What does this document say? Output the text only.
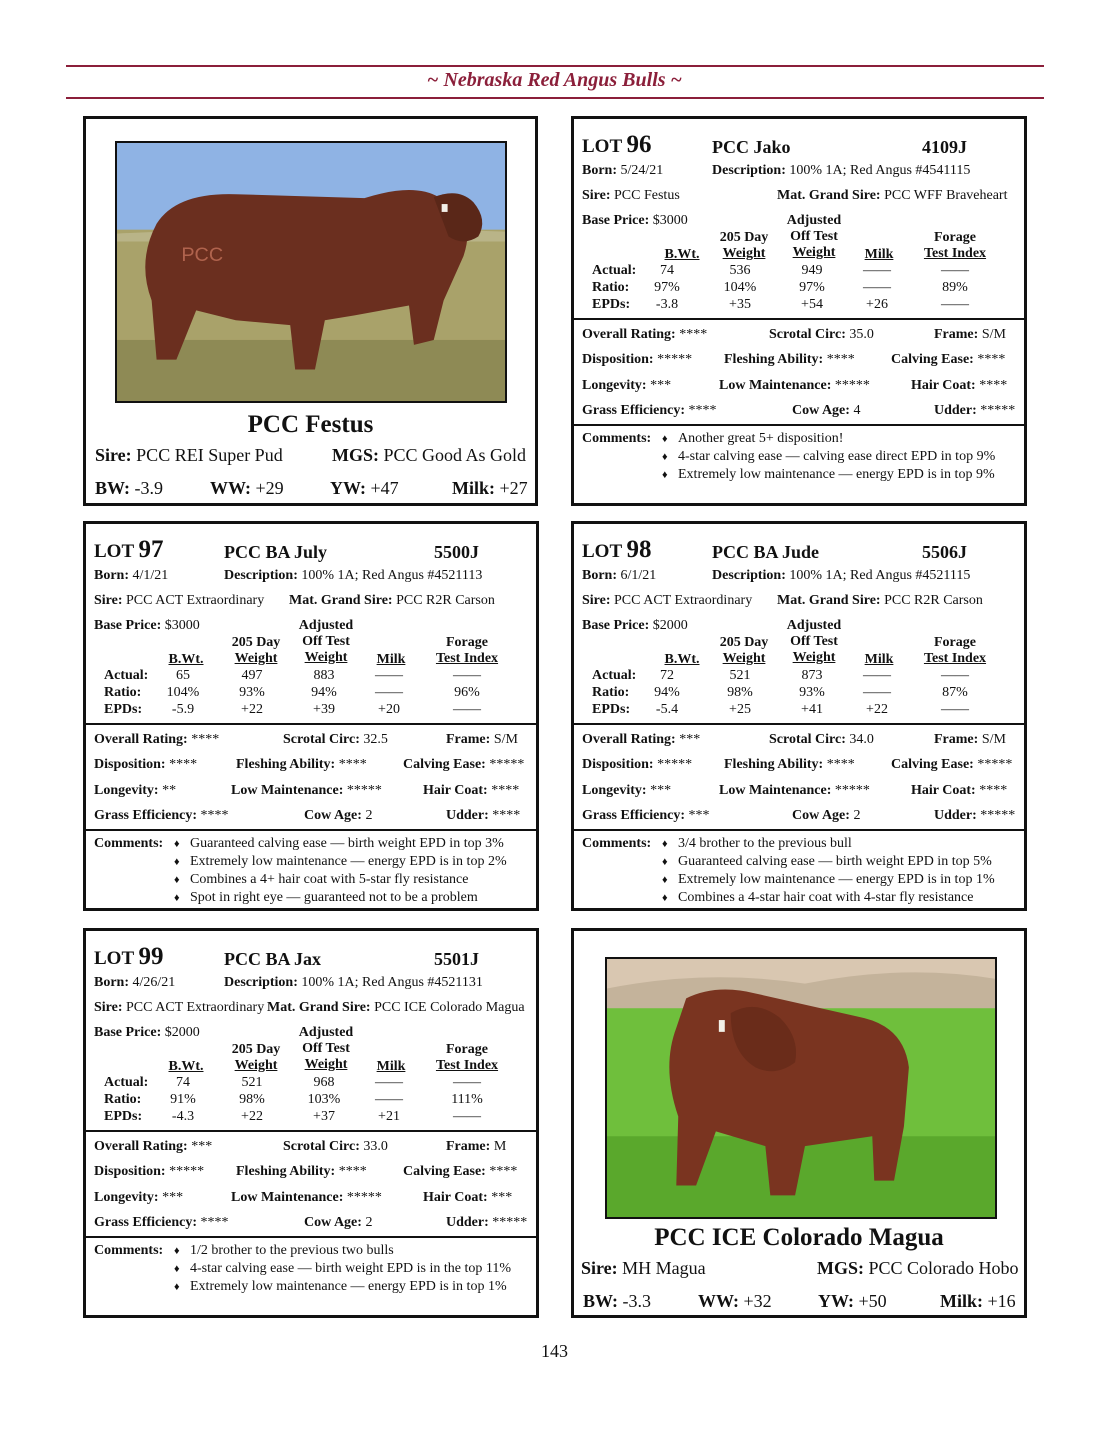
~ Nebraska Red Angus Bulls ~
PCC
PCC Festus
Sire: PCC REI Super Pud	MGS: PCC Good As Gold
BW: -3.9	WW: +29	YW: +47	Milk: +27
LOT 96	PCC Jako	4109J
Born: 5/24/21	Description: 100% 1A; Red Angus #4541115
Sire: PCC Festus	Mat. Grand Sire: PCC WFF Braveheart
Base Price: $3000
B.Wt.
205 Day
Weight
Adjusted
Off Test
Weight	Milk
Forage
Test Index
Actual:
Ratio:
EPDs:
74	536	949	——	——
97%	104%	97%	——	89%
-3.8	+35	+54	+26	——
Overall Rating: ****	Scrotal Circ: 35.0	Frame: S/M
Disposition: ***** Fleshing Ability: ****	Calving Ease: ****
Longevity: ***	Low Maintenance: *****	Hair Coat: ****
Grass Efficiency: ****	Cow Age: 4	Udder: *****
Comments: ♦ Another great 5+ disposition!
♦ 4-star calving ease — calving ease direct EPD in top 9%
♦ Extremely low maintenance — energy EPD is in top 9%
LOT 97	PCC BA July	5500J
Born: 4/1/21	Description: 100% 1A; Red Angus #4521113
Sire: PCC ACT Extraordinary Mat. Grand Sire: PCC R2R Carson
Base Price: $3000
B.Wt.
205 Day
Weight
Adjusted
Off Test
Weight	Milk
Forage
Test Index
Actual:
Ratio:
EPDs:
65	497	883	——	——
104%	93%	94%	——	96%
-5.9	+22	+39	+20	——
Overall Rating: ****	Scrotal Circ: 32.5	Frame: S/M
Disposition: ****	Fleshing Ability: ****	Calving Ease: *****
Longevity: **	Low Maintenance: *****	Hair Coat: ****
Grass Efficiency: ****	Cow Age: 2	Udder: ****
Comments: ♦ Guaranteed calving ease — birth weight EPD in top 3%
♦ Extremely low maintenance — energy EPD is in top 2%
♦ Combines a 4+ hair coat with 5-star fly resistance
♦ Spot in right eye — guaranteed not to be a problem
LOT 98	PCC BA Jude	5506J
Born: 6/1/21	Description: 100% 1A; Red Angus #4521115
Sire: PCC ACT Extraordinary Mat. Grand Sire: PCC R2R Carson
Base Price: $2000
B.Wt.
205 Day
Weight
Adjusted
Off Test
Weight	Milk
Forage
Test Index
Actual:
Ratio:
EPDs:
72	521	873	——	——
94%	98%	93%	——	87%
-5.4	+25	+41	+22	——
Overall Rating: ***	Scrotal Circ: 34.0	Frame: S/M
Disposition: ***** Fleshing Ability: ****	Calving Ease: *****
Longevity: ***	Low Maintenance: *****	Hair Coat: ****
Grass Efficiency: ***	Cow Age: 2	Udder: *****
Comments: ♦ 3/4 brother to the previous bull
♦ Guaranteed calving ease — birth weight EPD in top 5%
♦ Extremely low maintenance — energy EPD is in top 1%
♦ Combines a 4-star hair coat with 4-star fly resistance
LOT 99	PCC BA Jax	5501J
Born: 4/26/21	Description: 100% 1A; Red Angus #4521131
Sire: PCC ACT Extraordinary Mat. Grand Sire: PCC ICE Colorado Magua
Base Price: $2000
B.Wt.
205 Day
Weight
Adjusted
Off Test
Weight	Milk
Forage
Test Index
Actual:
Ratio:
EPDs:
74	521	968	——	——
91%	98%	103%	——	111%
-4.3	+22	+37	+21	——
Overall Rating: ***	Scrotal Circ: 33.0	Frame: M
Disposition: ***** Fleshing Ability: ****	Calving Ease: ****
Longevity: ***	Low Maintenance: *****	Hair Coat: ***
Grass Efficiency: ****	Cow Age: 2	Udder: *****
Comments: ♦ 1/2 brother to the previous two bulls
♦ 4-star calving ease — birth weight EPD is in the top 11%
♦ Extremely low maintenance — energy EPD is in top 1%
PCC ICE Colorado Magua
Sire: MH Magua	MGS: PCC Colorado Hobo
BW: -3.3	WW: +32	YW: +50	Milk: +16
143
